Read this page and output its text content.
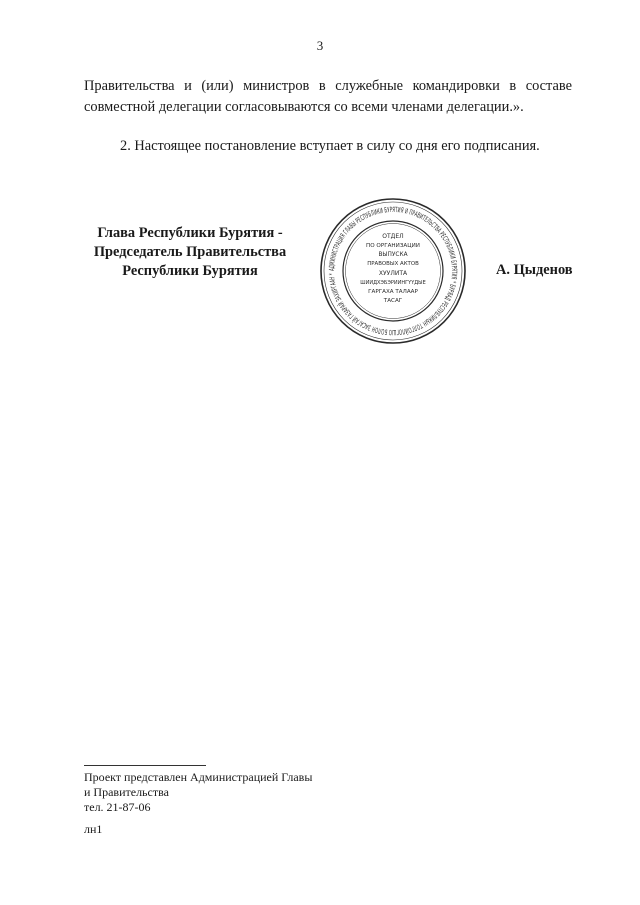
3
Правительства и (или) министров в служебные командировки в составе
совместной делегации согласовываются со всеми членами делегации.».
2. Настоящее постановление вступает в силу со дня его подписания.
Глава Республики Бурятия -
Председатель Правительства
Республики Бурятия	АДМИНИСТРАЦИЯ ГЛАВЫ РЕСПУБЛИКИ БУРЯТИЯ И ПРАВИТЕЛЬСТВА РЕСПУБЛИКИ БУРЯТИЯ * БУРЯАД РЕСПУБЛИКЫН ТОЛГОЙЛОГШО БОЛОН ЗАСАГАЙ ГАЗАРАЙ ЗАХИРГААН *
ОТДЕЛ
ПО ОРГАНИЗАЦИИ
ВЫПУСКА
ПРАВОВЫХ АКТОВ
ХУУЛИТА
ШИИДХЭБЭРИИНГҮҮДЫЕ
ГАРГАХА ТАЛААР
ТАСАГ
А. Цыденов
Проект представлен Администрацией Главы
и Правительства
тел. 21-87-06
лн1
